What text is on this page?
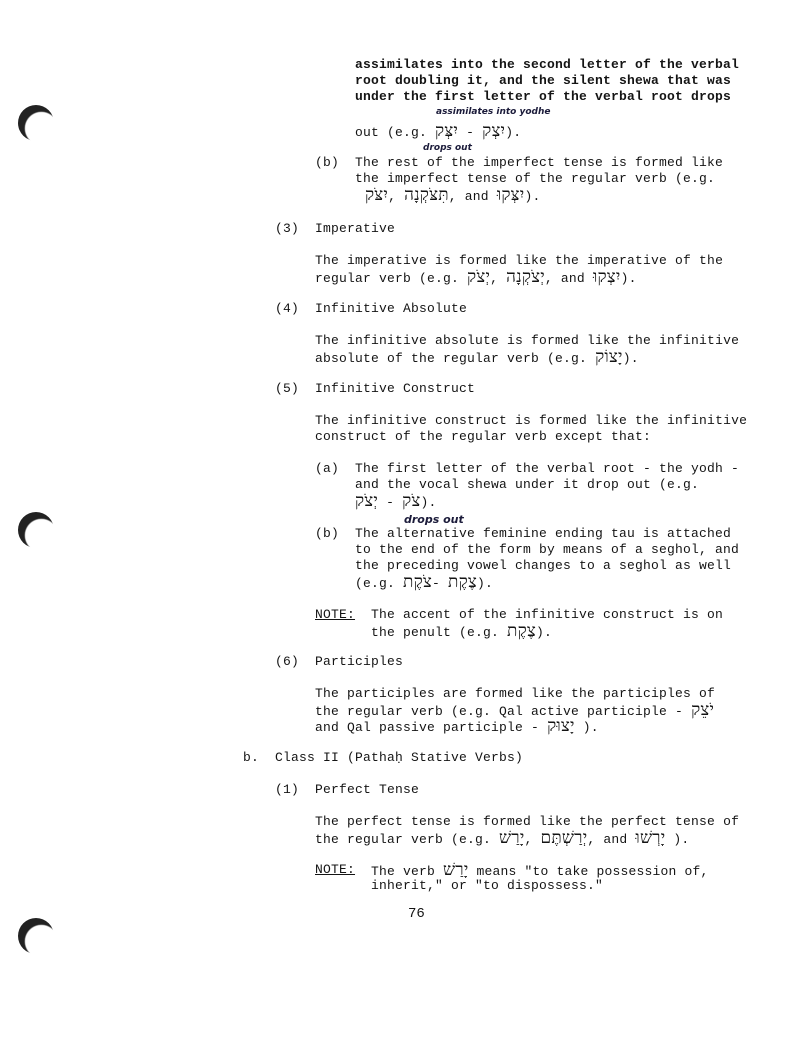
assimilates into the second letter of the verbal
root doubling it, and the silent shewa that was
under the first letter of the verbal root drops
assimilates into yodhe
out (e.g. יִצְּק - יִצְק).
drops out
(b) The rest of the imperfect tense is formed like
the imperfect tense of the regular verb (e.g.
יִצֹּק, תִּצֹּקְנָה, and יִצְּקוּ).
(3) Imperative
The imperative is formed like the imperative of the
regular verb (e.g. יְצֹק, יְצֹקְנָה, and יִצְקוּ).
(4) Infinitive Absolute
The infinitive absolute is formed like the infinitive
absolute of the regular verb (e.g. יָצוֹק).
(5) Infinitive Construct
The infinitive construct is formed like the infinitive
construct of the regular verb except that:
(a) The first letter of the verbal root - the yodh -
and the vocal shewa under it drop out (e.g.
יְצֹק - צֹק).
drops out
(b) The alternative feminine ending tau is attached
to the end of the form by means of a seghol, and
the preceding vowel changes to a seghol as well
(e.g. צֹקֶת- צֶקֶת).
NOTE: The accent of the infinitive construct is on
the penult (e.g. צֶקֶת).
(6) Participles
The participles are formed like the participles of
the regular verb (e.g. Qal active participle - יֹצֵק
and Qal passive participle - יָצוּק ).
b. Class II (Pathaḥ Stative Verbs)
(1) Perfect Tense
The perfect tense is formed like the perfect tense of
the regular verb (e.g. יָרַשׁ, יְרַשְׁתֶּם, and יָרְשׁוּ ).
NOTE: The verb יָרַשׁ means "to take possession of,
inherit," or "to dispossess."
76
